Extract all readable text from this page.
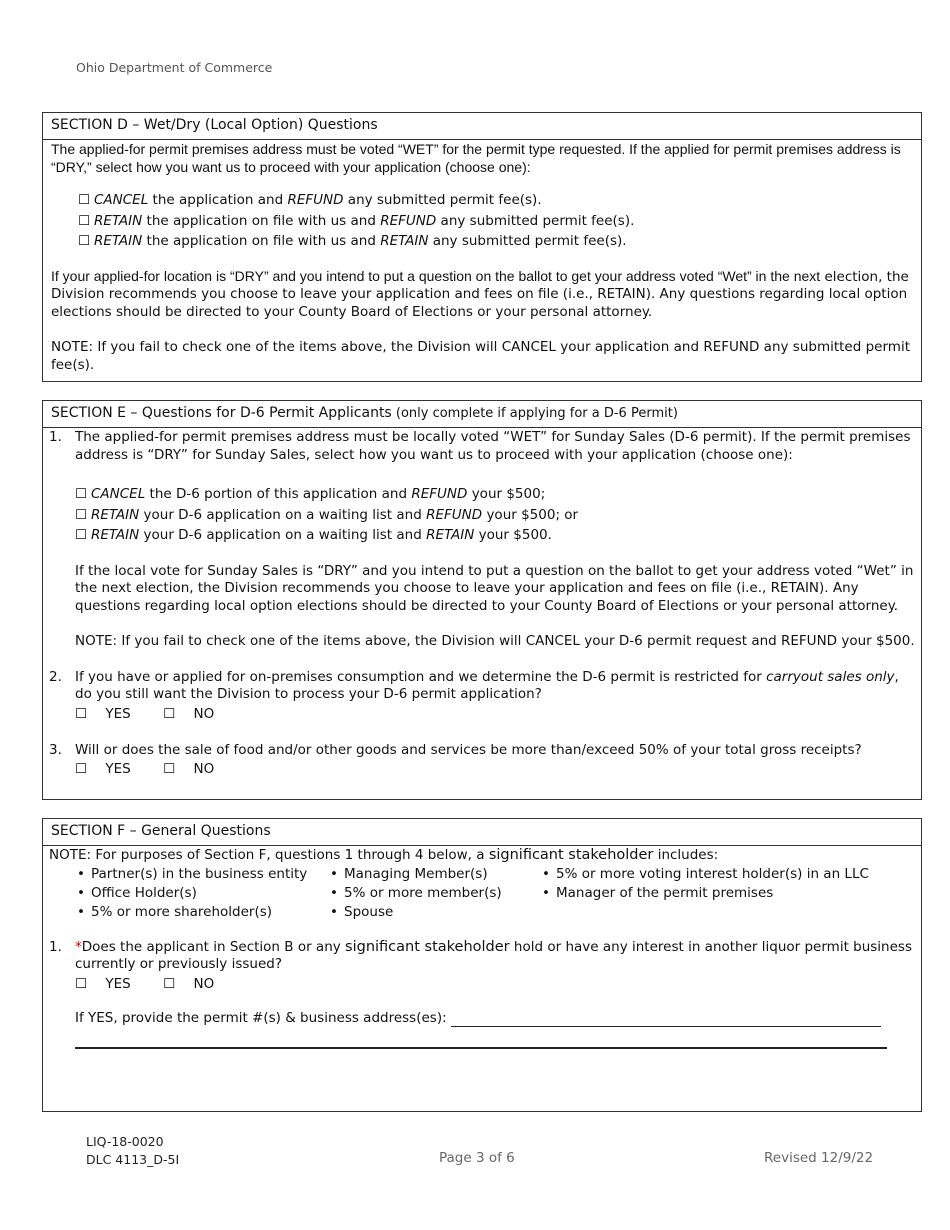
Ohio Department of Commerce
SECTION D – Wet/Dry (Local Option) Questions
The applied-for permit premises address must be voted “WET” for the permit type requested. If the applied for permit premises address is “DRY,” select how you want us to proceed with your application (choose one):
☐ CANCEL the application and REFUND any submitted permit fee(s).
☐ RETAIN the application on file with us and REFUND any submitted permit fee(s).
☐ RETAIN the application on file with us and RETAIN any submitted permit fee(s).
If your applied-for location is “DRY” and you intend to put a question on the ballot to get your address voted “Wet” in the next election, the Division recommends you choose to leave your application and fees on file (i.e., RETAIN). Any questions regarding local option elections should be directed to your County Board of Elections or your personal attorney.
NOTE: If you fail to check one of the items above, the Division will CANCEL your application and REFUND any submitted permit fee(s).
SECTION E – Questions for D-6 Permit Applicants (only complete if applying for a D-6 Permit)
1. The applied-for permit premises address must be locally voted “WET” for Sunday Sales (D-6 permit). If the permit premises address is “DRY” for Sunday Sales, select how you want us to proceed with your application (choose one):
☐ CANCEL the D-6 portion of this application and REFUND your $500;
☐ RETAIN your D-6 application on a waiting list and REFUND your $500; or
☐ RETAIN your D-6 application on a waiting list and RETAIN your $500.
If the local vote for Sunday Sales is “DRY” and you intend to put a question on the ballot to get your address voted “Wet” in the next election, the Division recommends you choose to leave your application and fees on file (i.e., RETAIN). Any questions regarding local option elections should be directed to your County Board of Elections or your personal attorney.
NOTE: If you fail to check one of the items above, the Division will CANCEL your D-6 permit request and REFUND your $500.
2. If you have or applied for on-premises consumption and we determine the D-6 permit is restricted for carryout sales only, do you still want the Division to process your D-6 permit application?
☐ YES ☐ NO
3. Will or does the sale of food and/or other goods and services be more than/exceed 50% of your total gross receipts?
☐ YES ☐ NO
SECTION F – General Questions
NOTE: For purposes of Section F, questions 1 through 4 below, a significant stakeholder includes:
• Partner(s) in the business entity
• Office Holder(s)
• 5% or more shareholder(s)
• Managing Member(s)
• 5% or more member(s)
• Spouse
• 5% or more voting interest holder(s) in an LLC
• Manager of the permit premises
1. *Does the applicant in Section B or any significant stakeholder hold or have any interest in another liquor permit business currently or previously issued?
☐ YES ☐ NO
If YES, provide the permit #(s) & business address(es):
LIQ-18-0020
DLC 4113_D-5I	Page 3 of 6	Revised 12/9/22
